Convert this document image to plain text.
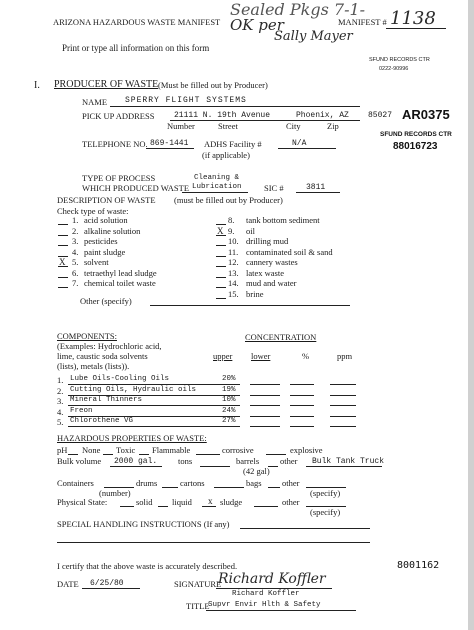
ARIZONA HAZARDOUS WASTE MANIFEST
Sealed Pkgs 7-1-
OK per
Sally Mayer
MANIFEST # 1138
Print or type all information on this form
SFUND RECORDS CTR
0222-90996
I. PRODUCER OF WASTE (Must be filled out by Producer)
NAME SPERRY FLIGHT SYSTEMS
PICK UP ADDRESS 21111 N. 19th Avenue	Phoenix, AZ 85027 AR0375
Number	Street	City	Zip
SFUND RECORDS CTR
88016723
TELEPHONE NO. 869-1441 ADHS Facility #	N/A
(if applicable)
TYPE OF PROCESS
WHICH PRODUCED WASTE
Cleaning &
Lubrication	SIC #	3811
DESCRIPTION OF WASTE (must be filled out by Producer)
Check type of waste:
Other (specify)
COMPONENTS:
(Examples: Hydrochloric acid,
lime, caustic soda solvents
(lists), metals (lists)).
CONCENTRATION
upper lower	%	ppm
HAZARDOUS PROPERTIES OF WASTE:
pH None Toxic Flammable	corrosive	explosive
Bulk volume 2000 gal. tons	barrels other Bulk Tank Truck
(42 gal)
Containers	drums	cartons	bags other
(number)	(specify)
Physical State:	solid liquid x sludge	other
(specify)
SPECIAL HANDLING INSTRUCTIONS (If any)
I certify that the above waste is accurately described.	8001162
DATE 6/25/80	SIGNATURE
Richard Koffler
Richard Koffler
TITLE
Supvr Envir Hlth & Safety
1. acid solution
2. alkaline solution
3. pesticides
4. paint sludge
X 5. solvent
6. tetraethyl lead sludge
7. chemical toilet waste
8. tank bottom sediment
X 9. oil
10. drilling mud
11. contaminated soil & sand
12. cannery wastes
13. latex waste
14. mud and water
15. brine
1. Lube Oils-Cooling Oils	20%
2. Cutting Oils, Hydraulic oils	19%
3. Mineral Thinners	10%
4. Freon	24%
5. Chlorothene VG	27%
